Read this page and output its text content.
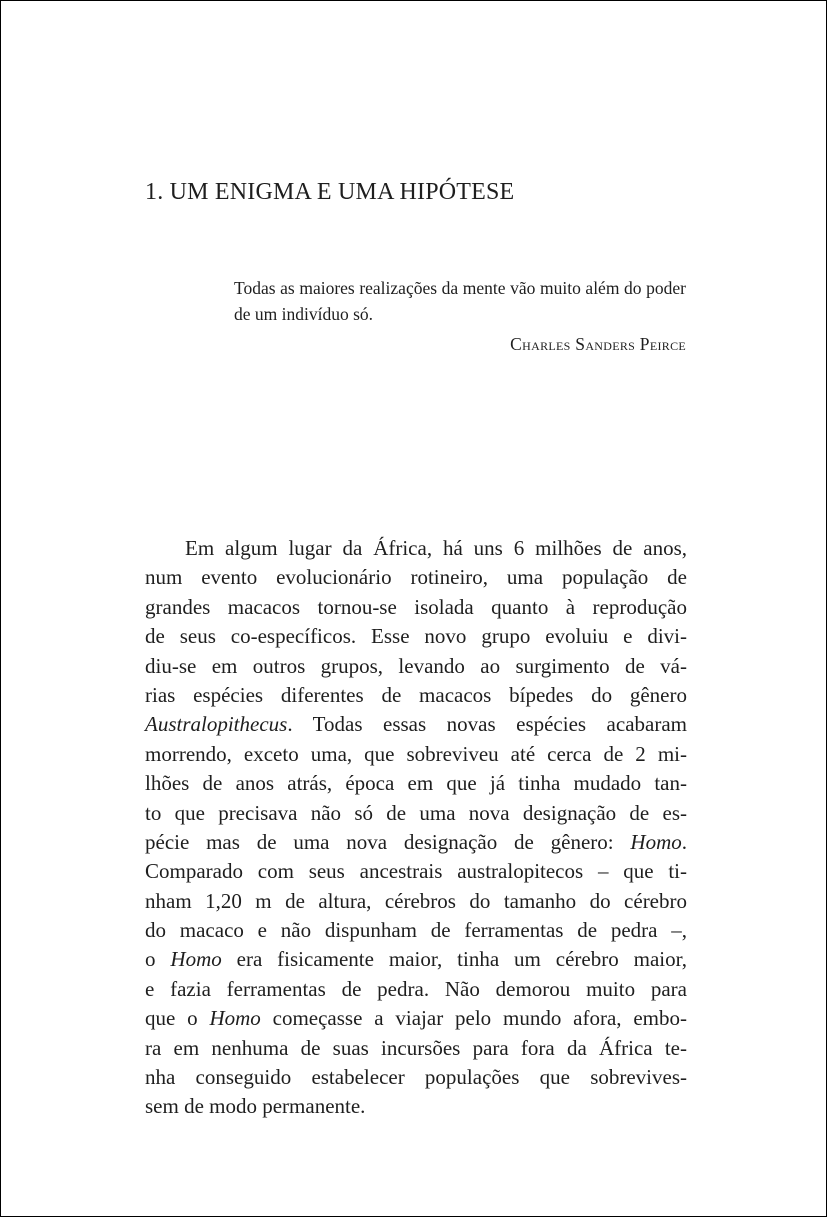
1. UM ENIGMA E UMA HIPÓTESE

Todas as maiores realizações da mente vão muito além do poder de um indivíduo só.

Charles Sanders Peirce

Em algum lugar da África, há uns 6 milhões de anos,
num evento evolucionário rotineiro, uma população de
grandes macacos tornou-se isolada quanto à reprodução
de seus co-específicos. Esse novo grupo evoluiu e divi-
diu-se em outros grupos, levando ao surgimento de vá-
rias espécies diferentes de macacos bípedes do gênero
Australopithecus. Todas essas novas espécies acabaram
morrendo, exceto uma, que sobreviveu até cerca de 2 mi-
lhões de anos atrás, época em que já tinha mudado tan-
to que precisava não só de uma nova designação de es-
pécie mas de uma nova designação de gênero: Homo.
Comparado com seus ancestrais australopitecos – que ti-
nham 1,20 m de altura, cérebros do tamanho do cérebro
do macaco e não dispunham de ferramentas de pedra –,
o Homo era fisicamente maior, tinha um cérebro maior,
e fazia ferramentas de pedra. Não demorou muito para
que o Homo começasse a viajar pelo mundo afora, embo-
ra em nenhuma de suas incursões para fora da África te-
nha conseguido estabelecer populações que sobrevives-
sem de modo permanente.
